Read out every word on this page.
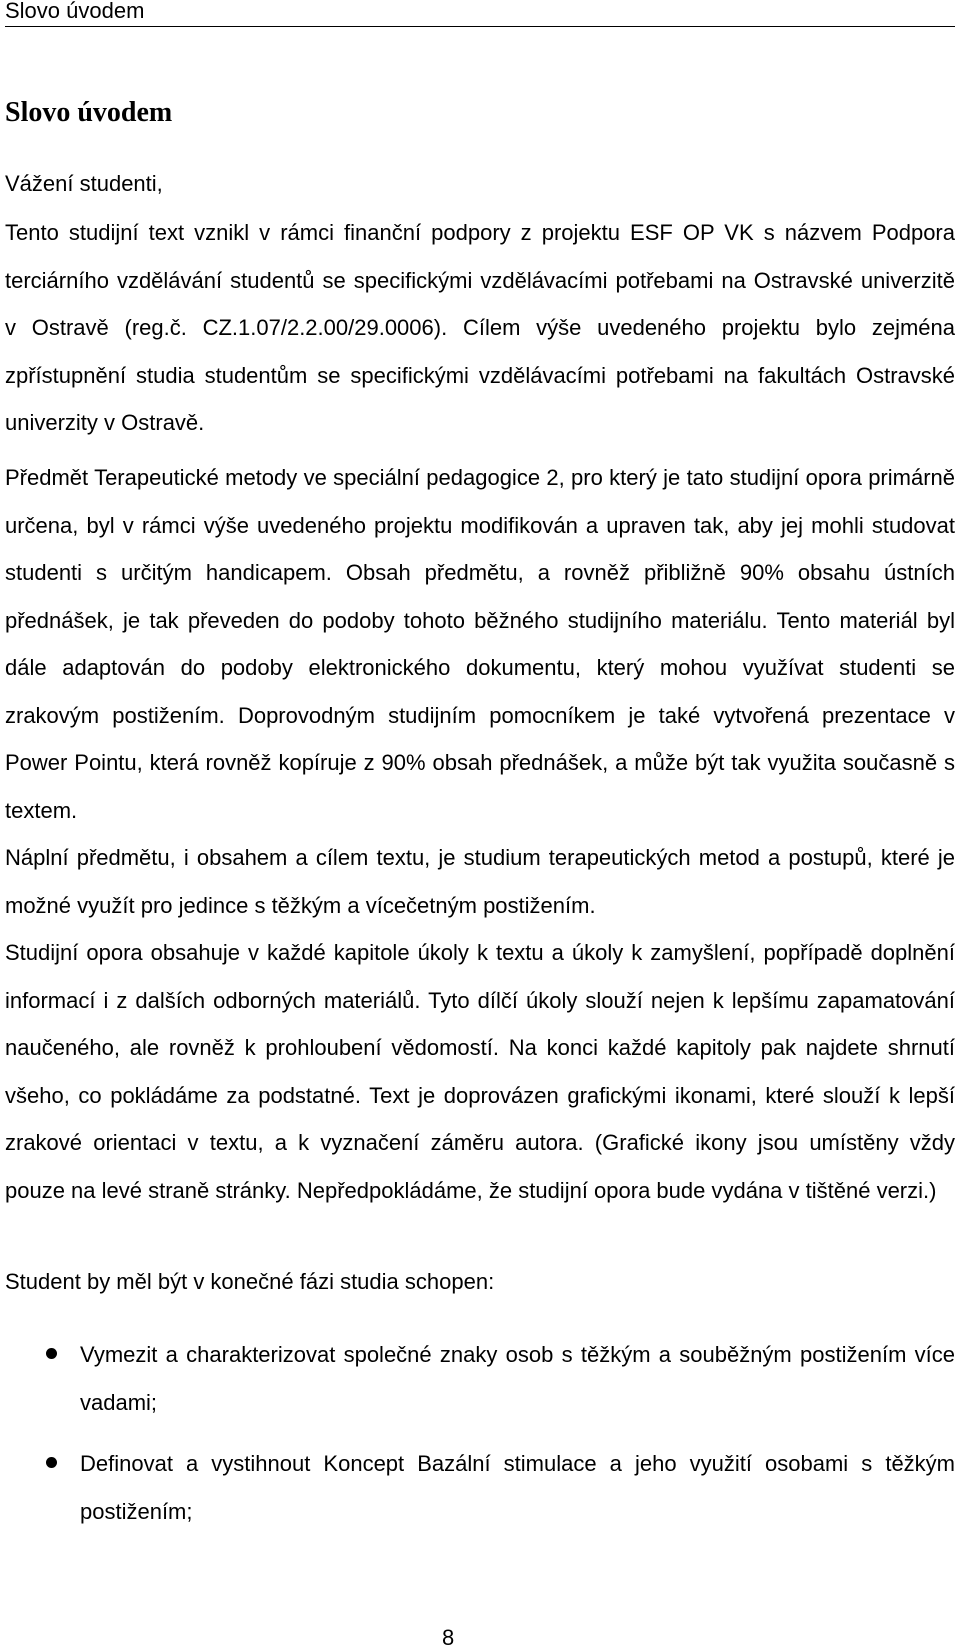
Slovo úvodem
Slovo úvodem

Vážení studenti,

Tento studijní text vznikl v rámci finanční podpory z projektu ESF OP VK s názvem Podpora terciárního vzdělávání studentů se specifickými vzdělávacími potřebami na Ostravské univerzitě v Ostravě (reg.č. CZ.1.07/2.2.00/29.0006). Cílem výše uvedeného projektu bylo zejména zpřístupnění studia studentům se specifickými vzdělávacími potřebami na fakultách Ostravské univerzity v Ostravě.

Předmět Terapeutické metody ve speciální pedagogice 2, pro který je tato studijní opora primárně určena, byl v rámci výše uvedeného projektu modifikován a upraven tak, aby jej mohli studovat studenti s určitým handicapem. Obsah předmětu, a rovněž přibližně 90% obsahu ústních přednášek, je tak převeden do podoby tohoto běžného studijního materiálu. Tento materiál byl dále adaptován do podoby elektronického dokumentu, který mohou využívat studenti se zrakovým postižením. Doprovodným studijním pomocníkem je také vytvořená prezentace v Power Pointu, která rovněž kopíruje z 90% obsah přednášek, a může být tak využita současně s textem.

Náplní předmětu, i obsahem a cílem textu, je studium terapeutických metod a postupů, které je možné využít pro jedince s těžkým a vícečetným postižením.

Studijní opora obsahuje v každé kapitole úkoly k textu a úkoly k zamyšlení, popřípadě doplnění informací i z dalších odborných materiálů. Tyto dílčí úkoly slouží nejen k lepšímu zapamatování naučeného, ale rovněž k prohloubení vědomostí. Na konci každé kapitoly pak najdete shrnutí všeho, co pokládáme za podstatné. Text je doprovázen grafickými ikonami, které slouží k lepší zrakové orientaci v textu, a k vyznačení záměru autora. (Grafické ikony jsou umístěny vždy pouze na levé straně stránky. Nepředpokládáme, že studijní opora bude vydána v tištěné verzi.)

Student by měl být v konečné fázi studia schopen:

Vymezit a charakterizovat společné znaky osob s těžkým a souběžným postižením více vadami;
Definovat a vystihnout Koncept Bazální stimulace a jeho využití osobami s těžkým postižením;
8
